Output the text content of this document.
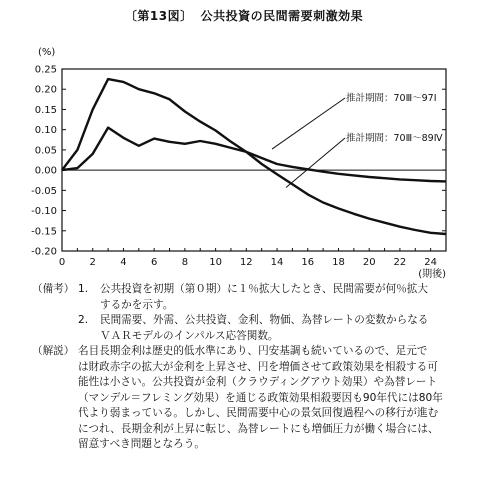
〔第13図〕 公共投資の民間需要刺激効果
0.25
0.20
0.15
0.10
0.05
0.00
-0.05
-0.10
-0.15
-0.20
0 2 4 6 8 10 12 14 16 18 20 22 24
(%)
(期後)
推計期間：70Ⅲ～97Ⅰ
推計期間：70Ⅲ～89Ⅳ
（備考） 1.	公共投資を初期（第０期）に１％拡大したとき、民間需要が何％拡大
するかを示す。
2.	民間需要、外需、公共投資、金利、物価、為替レートの変数からなる
ＶＡＲモデルのインパルス応答関数。
（解説） 名目長期金利は歴史的低水準にあり、円安基調も続いているので、足元で
は財政赤字の拡大が金利を上昇させ、円を増価させて政策効果を相殺する可
能性は小さい。公共投資が金利（クラウディングアウト効果）や為替レート
（マンデル＝フレミング効果）を通じる政策効果相殺要因も90年代には80年
代より弱まっている。しかし、民間需要中心の景気回復過程への移行が進む
につれ、長期金利が上昇に転じ、為替レートにも増価圧力が働く場合には、
留意すべき問題となろう。
